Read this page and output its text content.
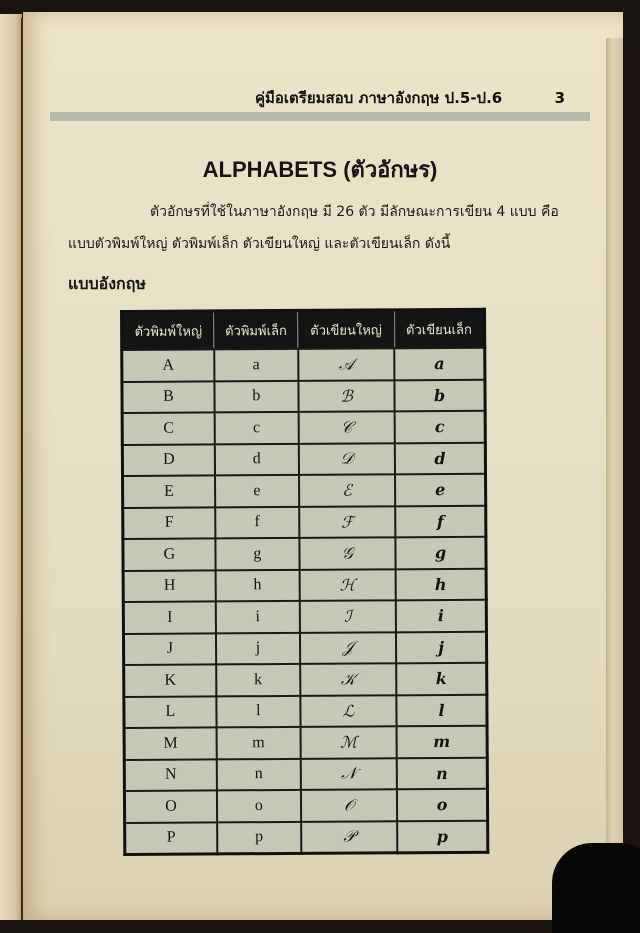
คู่มือเตรียมสอบ ภาษาอังกฤษ ป.5-ป.6	3
ALPHABETS (ตัวอักษร)
ตัวอักษรที่ใช้ในภาษาอังกฤษ มี 26 ตัว มีลักษณะการเขียน 4 แบบ คือ
แบบตัวพิมพ์ใหญ่ ตัวพิมพ์เล็ก ตัวเขียนใหญ่ และตัวเขียนเล็ก ดังนี้
แบบอังกฤษ
ตัวพิมพ์ใหญ่	ตัวพิมพ์เล็ก	ตัวเขียนใหญ่	ตัวเขียนเล็ก
A	a	𝒜	a
B	b	ℬ	b
C	c	𝒞	c
D	d	𝒟	d
E	e	ℰ	e
F	f	ℱ	f
G	g	𝒢	g
H	h	ℋ	h
I	i	ℐ	i
J	j	𝒥	j
K	k	𝒦	k
L	l	ℒ	l
M	m	ℳ	m
N	n	𝒩	n
O	o	𝒪	o
P	p	𝒫	p
